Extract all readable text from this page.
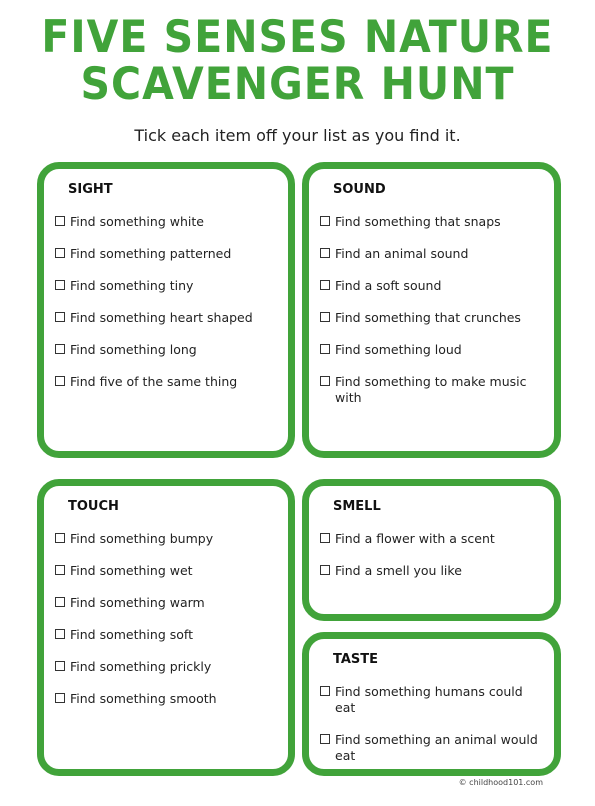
FIVE SENSES NATURE
SCAVENGER HUNT
Tick each item off your list as you find it.
SIGHT
Find something white
Find something patterned
Find something tiny
Find something heart shaped
Find something long
Find five of the same thing
SOUND
Find something that snaps
Find an animal sound
Find a soft sound
Find something that crunches
Find something loud
Find something to make music with
TOUCH
Find something bumpy
Find something wet
Find something warm
Find something soft
Find something prickly
Find something smooth
SMELL
Find a flower with a scent
Find a smell you like
TASTE
Find something humans could eat
Find something an animal would eat
© childhood101.com
